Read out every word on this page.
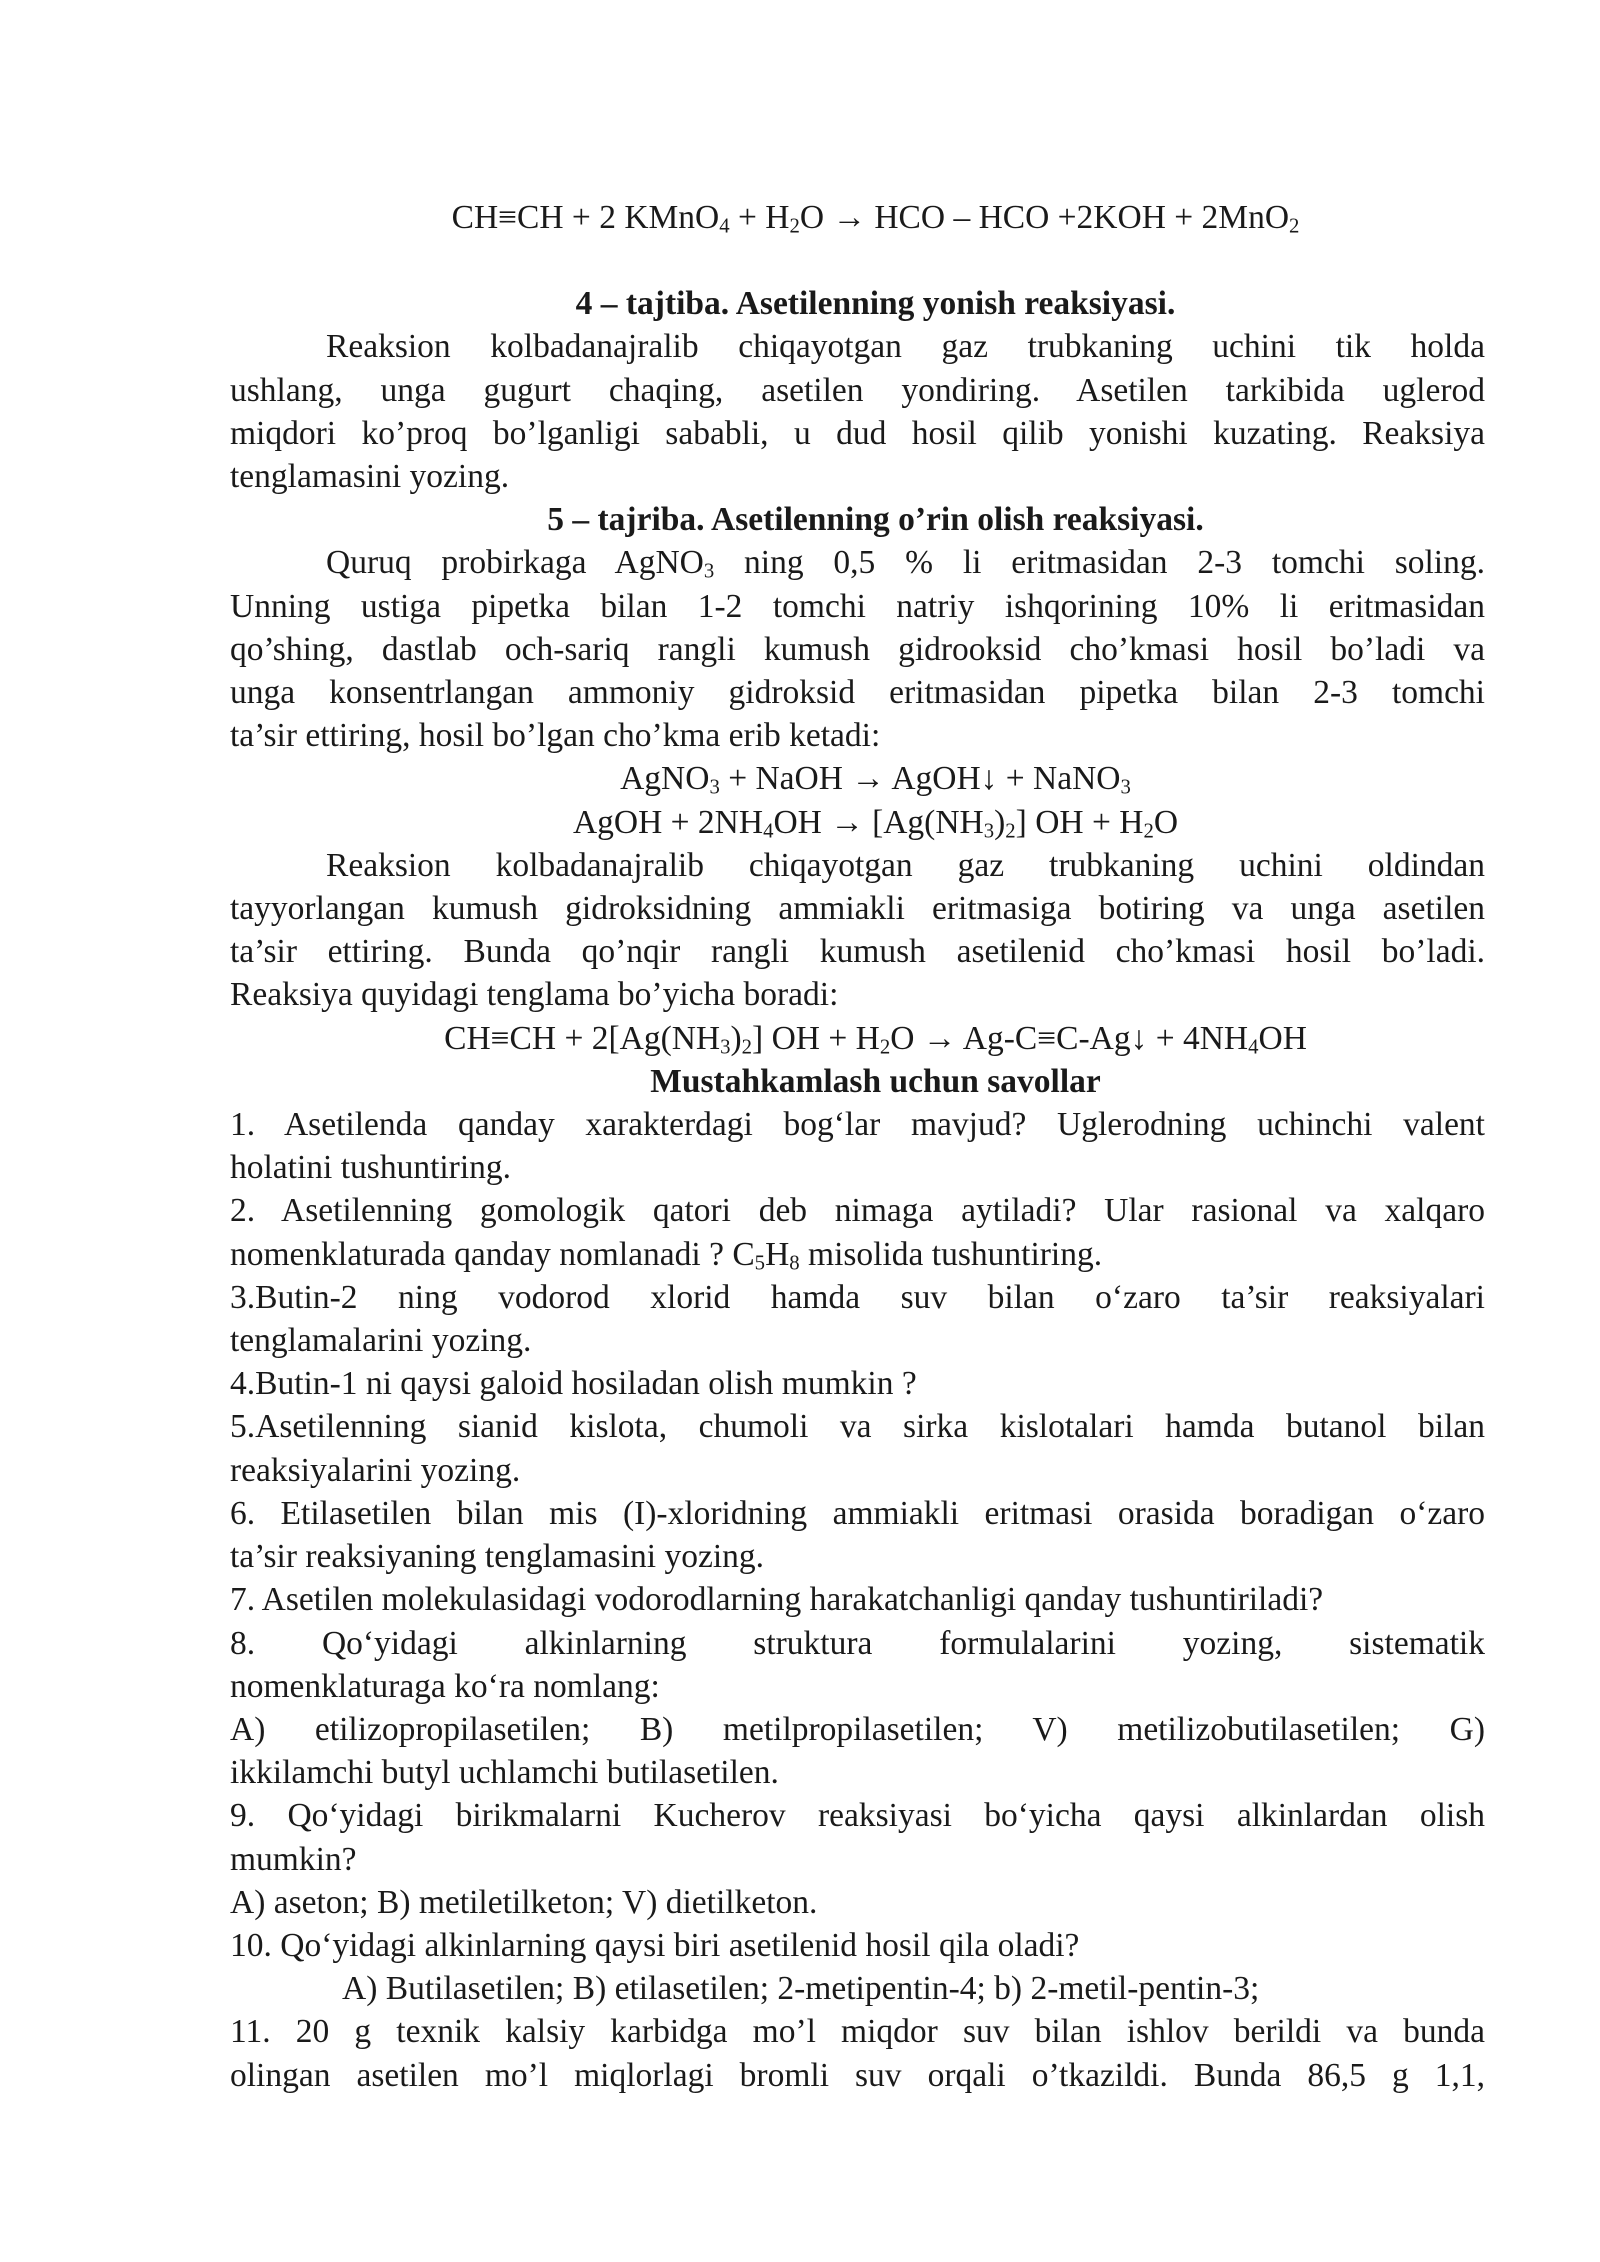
CH≡CH + 2 KMnO$_4$ + $H_2O$ → HCO – HCO +2KOH + 2MnO$_2$
4 – tajtiba. Asetilenning yonish reaksiyasi.
Reaksion kolbadanajralib chiqayotgan gaz trubkaning uchini tik holda
ushlang, unga gugurt chaqing, asetilen yondiring. Asetilen tarkibida uglerod
miqdori ko’proq bo’lganligi sababli, u dud hosil qilib yonishi kuzating. Reaksiya
tenglamasini yozing.
5 – tajriba. Asetilenning o’rin olish reaksiyasi.
Quruq probirkaga AgNO$_3$ ning 0,5 % li eritmasidan 2-3 tomchi soling.
Unning ustiga pipetka bilan 1-2 tomchi natriy ishqorining 10% li eritmasidan
qo’shing, dastlab och-sariq rangli kumush gidrooksid cho’kmasi hosil bo’ladi va
unga konsentrlangan ammoniy gidroksid eritmasidan pipetka bilan 2-3 tomchi
ta’sir ettiring, hosil bo’lgan cho’kma erib ketadi:
AgNO$_3$ + NaOH → AgOH↓ + NaNO$_3$
AgOH + $2NH_4OH \to [Ag(NH_3)_2]$ OH + $H_2O$
Reaksion kolbadanajralib chiqayotgan gaz trubkaning uchini oldindan
tayyorlangan kumush gidroksidning ammiakli eritmasiga botiring va unga asetilen
ta’sir ettiring. Bunda qo’nqir rangli kumush asetilenid cho’kmasi hosil bo’ladi.
Reaksiya quyidagi tenglama bo’yicha boradi:
$CH\equiv CH + 2[Ag(NH_3)_2]$ OH + $H_2O$ → Ag-C≡C-Ag↓ + $4NH_4OH$
Mustahkamlash uchun savollar
1. Asetilenda qanday xarakterdagi bog‘lar mavjud? Uglerodning uchinchi valent
holatini tushuntiring.
2. Asetilenning gomologik qatori deb nimaga aytiladi? Ular rasional va xalqaro
nomenklaturada qanday nomlanadi ? $C_5H_8$ misolida tushuntiring.
3.Butin-2 ning vodorod xlorid hamda suv bilan o‘zaro ta’sir reaksiyalari
tenglamalarini yozing.
4.Butin-1 ni qaysi galoid hosiladan olish mumkin ?
5.Asetilenning sianid kislota, chumoli va sirka kislotalari hamda butanol bilan
reaksiyalarini yozing.
6. Etilasetilen bilan mis (I)-xloridning ammiakli eritmasi orasida boradigan o‘zaro
ta’sir reaksiyaning tenglamasini yozing.
7. Asetilen molekulasidagi vodorodlarning harakatchanligi qanday tushuntiriladi?
8. Qo‘yidagi alkinlarning struktura formulalarini yozing, sistematik
nomenklaturaga ko‘ra nomlang:
A) etilizopropilasetilen; B) metilpropilasetilen; V) metilizobutilasetilen; G)
ikkilamchi butyl uchlamchi butilasetilen.
9. Qo‘yidagi birikmalarni Kucherov reaksiyasi bo‘yicha qaysi alkinlardan olish
mumkin?
A) aseton; B) metiletilketon; V) dietilketon.
10. Qo‘yidagi alkinlarning qaysi biri asetilenid hosil qila oladi?
A) Butilasetilen; B) etilasetilen; 2-metipentin-4; b) 2-metil-pentin-3;
11. 20 g texnik kalsiy karbidga mo’l miqdor suv bilan ishlov berildi va bunda
olingan asetilen mo’l miqlorlagi bromli suv orqali o’tkazildi. Bunda 86,5 g 1,1,
